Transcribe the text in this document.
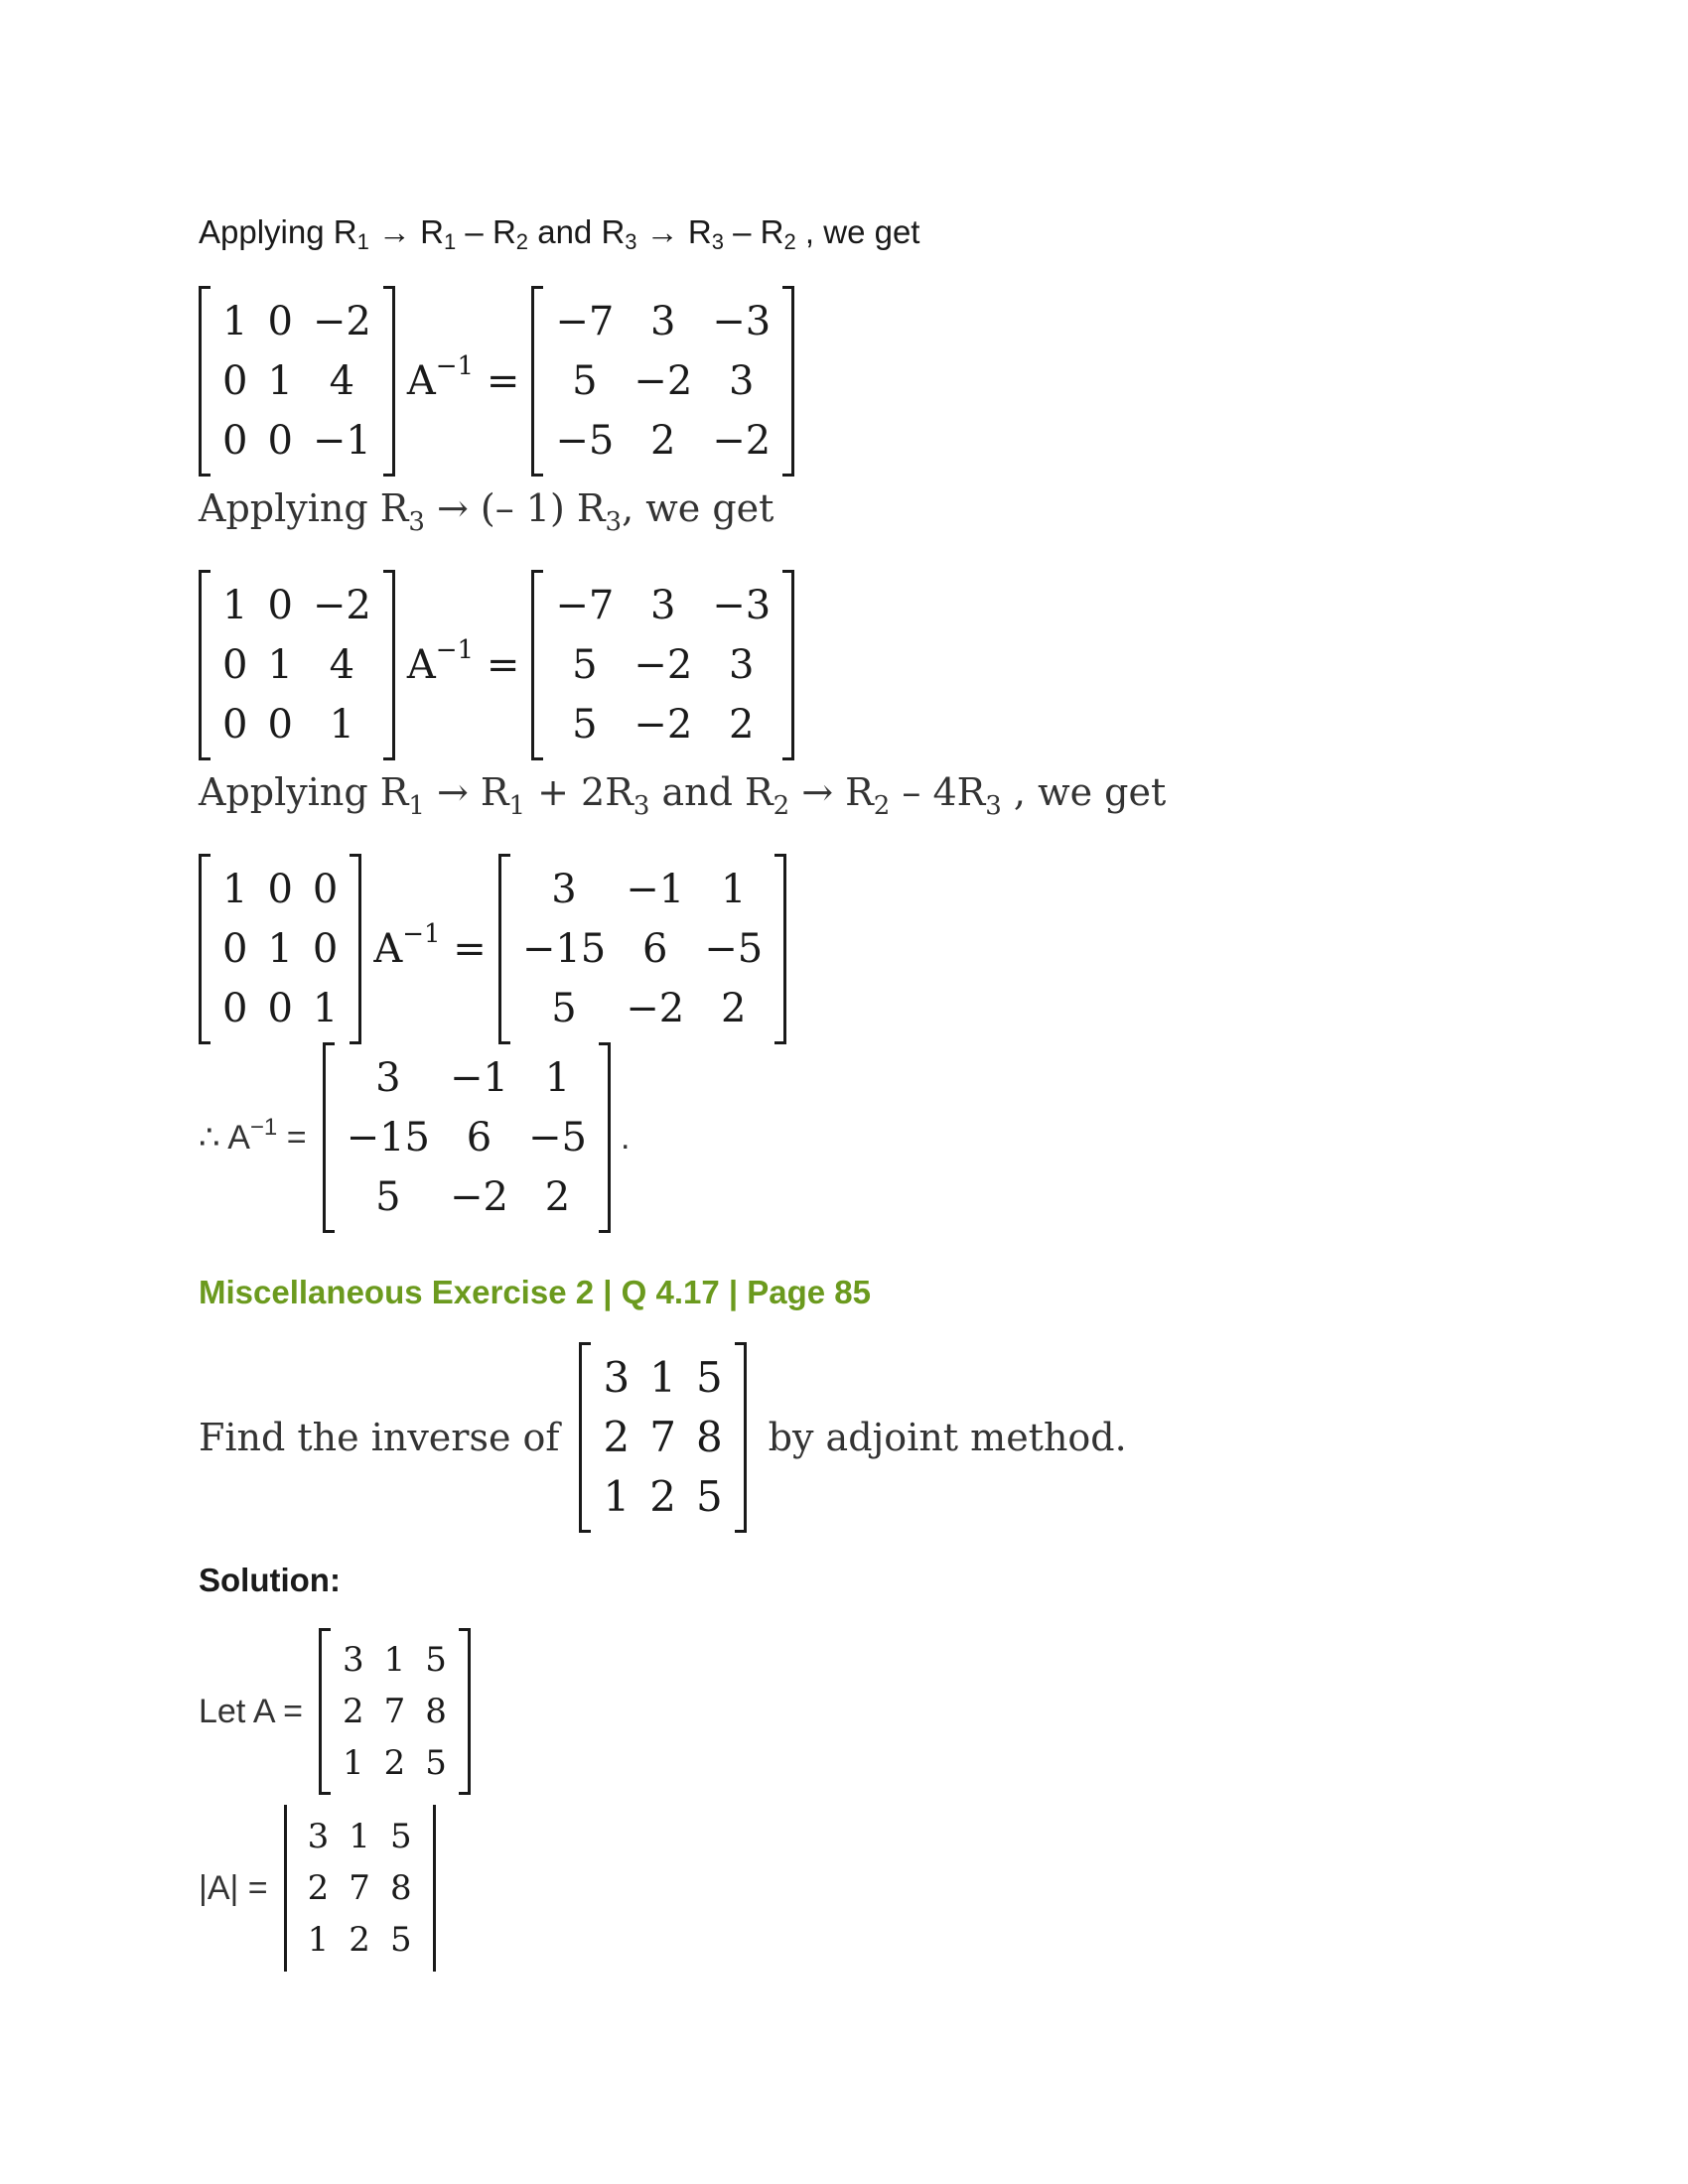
Applying $R_1 \to R_1 - R_2$ and $R_3 \to R_3 - R_2$ , we get
1 0 −2
0 1 4
0 0 −1
$A^{-1}$ =
−7 3 −3
5 −2 3
−5 2 −2
Applying $R_3$ → (– 1) $R_3$, we get
1 0 −2
0 1 4
0 0 1
$A^{-1}$ =
−7 3 −3
5 −2 3
5 −2 2
Applying $R_1 \to R_1 + 2R_3$ and $R_2 \to R_2 - 4R_3$ , we get
1 0 0
0 1 0
0 0 1
$A^{-1}$ =
3	−1 1
−15 6 −5
5	−2 2
∴ $A^{-1}$ =
3	−1 1
−15 6 −5
5	−2 2
.
Miscellaneous Exercise 2 | Q 4.17 | Page 85
Find the inverse of
3 1 5
2 7 8
1 2 5
by adjoint method.
Solution:
Let A =
3 1 5
2 7 8
1 2 5
|A| =
3 1 5
2 7 8
1 2 5
